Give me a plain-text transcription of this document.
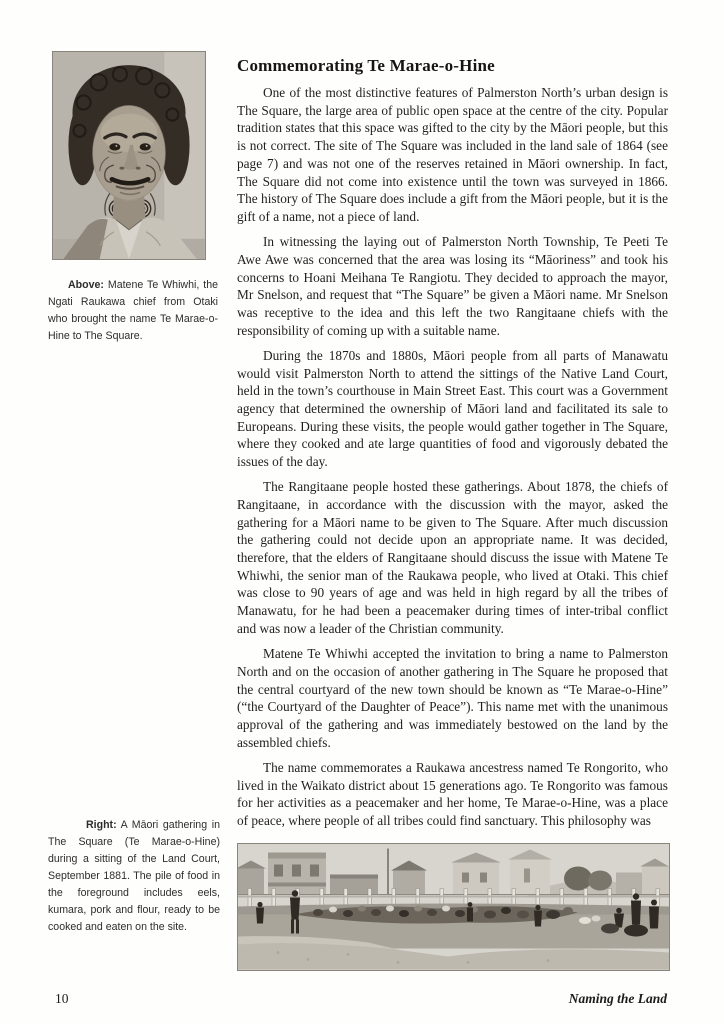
Above: Matene Te Whiwhi, the Ngati Raukawa chief from Otaki who brought the name Te Marae-o-Hine to The Square.

Commemorating Te Marae-o-Hine

One of the most distinctive features of Palmerston North’s urban design is The Square, the large area of public open space at the centre of the city. Popular tradition states that this space was gifted to the city by the Māori people, but this is not correct. The site of The Square was included in the land sale of 1864 (see page 7) and was not one of the reserves retained in Māori ownership. In fact, The Square did not come into existence until the town was surveyed in 1866. The history of The Square does include a gift from the Māori people, but it is the gift of a name, not a piece of land.

In witnessing the laying out of Palmerston North Township, Te Peeti Te Awe Awe was concerned that the area was losing its “Māoriness” and took his concerns to Hoani Meihana Te Rangiotu. They decided to approach the mayor, Mr Snelson, and request that “The Square” be given a Māori name. Mr Snelson was receptive to the idea and this left the two Rangitaane chiefs with the responsibility of coming up with a suitable name.

During the 1870s and 1880s, Māori people from all parts of Manawatu would visit Palmerston North to attend the sittings of the Native Land Court, held in the town’s courthouse in Main Street East. This court was a Government agency that determined the ownership of Māori land and facilitated its sale to Europeans. During these visits, the people would gather together in The Square, where they cooked and ate large quantities of food and vigorously debated the issues of the day.

The Rangitaane people hosted these gatherings. About 1878, the chiefs of Rangitaane, in accordance with the discussion with the mayor, asked the gathering for a Māori name to be given to The Square. After much discussion the gathering could not decide upon an appropriate name. It was decided, therefore, that the elders of Rangitaane should discuss the issue with Matene Te Whiwhi, the senior man of the Raukawa people, who lived at Otaki. This chief was close to 90 years of age and was held in high regard by all the tribes of Manawatu, for he had been a peacemaker during times of inter-tribal conflict and was now a leader of the Christian community.

Matene Te Whiwhi accepted the invitation to bring a name to Palmerston North and on the occasion of another gathering in The Square he proposed that the central courtyard of the new town should be known as “Te Marae-o-Hine” (“the Courtyard of the Daughter of Peace”). This name met with the unanimous approval of the gathering and was immediately bestowed on the land by the assembled chiefs.

The name commemorates a Raukawa ancestress named Te Rongorito, who lived in the Waikato district about 15 generations ago. Te Rongorito was famous for her activities as a peacemaker and her home, Te Marae-o-Hine, was a place of peace, where people of all tribes could find sanctuary. This philosophy was

Right: A Māori gathering in The Square (Te Marae-o-Hine) during a sitting of the Land Court, September 1881. The pile of food in the foreground includes eels, kumara, pork and flour, ready to be cooked and eaten on the site.

10	Naming the Land
